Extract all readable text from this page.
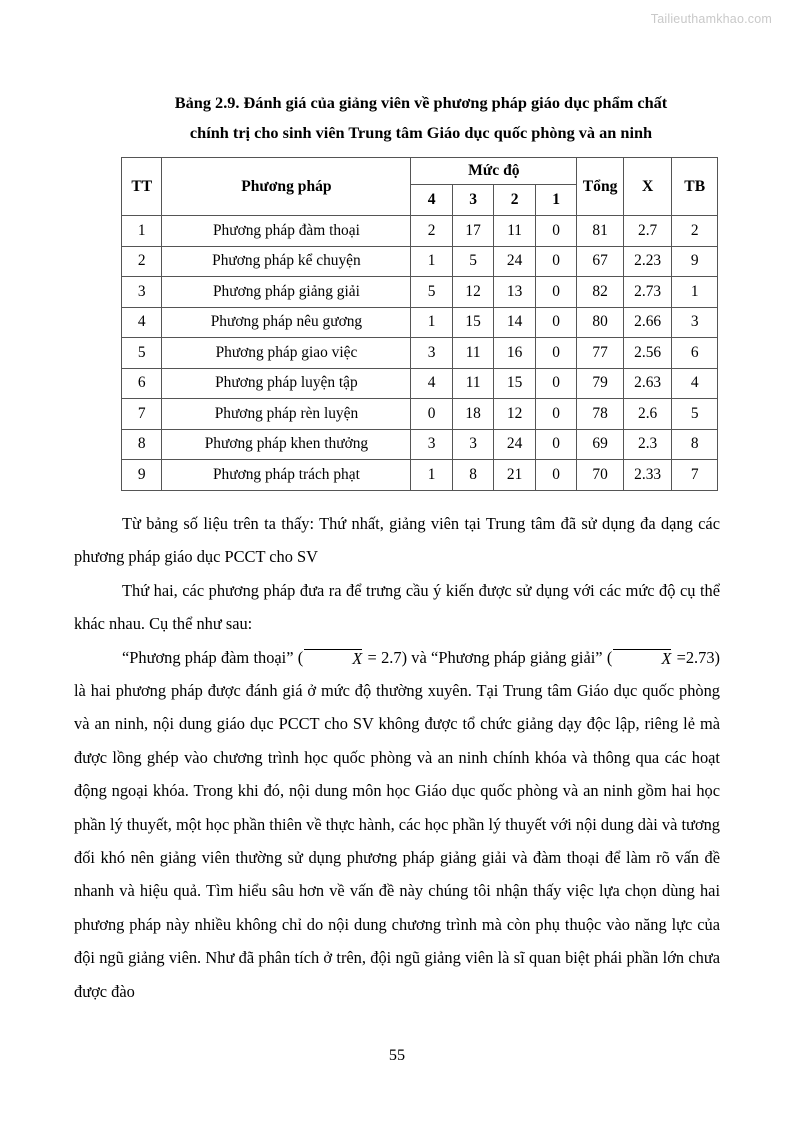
Tailieuthamkhao.com
Bảng 2.9. Đánh giá của giảng viên về phương pháp giáo dục phẩm chất
chính trị cho sinh viên Trung tâm Giáo dục quốc phòng và an ninh
TT	Phương pháp	Mức độ				Tổng	X	TB
		4	3	2	1			
1	Phương pháp đàm thoại	2	17	11	0	81	2.7	2
2	Phương pháp kể chuyện	1	5	24	0	67	2.23	9
3	Phương pháp giảng giải	5	12	13	0	82	2.73	1
4	Phương pháp nêu gương	1	15	14	0	80	2.66	3
5	Phương pháp giao việc	3	11	16	0	77	2.56	6
6	Phương pháp luyện tập	4	11	15	0	79	2.63	4
7	Phương pháp rèn luyện	0	18	12	0	78	2.6	5
8	Phương pháp khen thưởng	3	3	24	0	69	2.3	8
9	Phương pháp trách phạt	1	8	21	0	70	2.33	7

Từ bảng số liệu trên ta thấy: Thứ nhất, giảng viên tại Trung tâm đã sử dụng đa dạng các phương pháp giáo dục PCCT cho SV

Thứ hai, các phương pháp đưa ra để trưng cầu ý kiến được sử dụng với các mức độ cụ thể khác nhau. Cụ thể như sau:

“Phương pháp đàm thoại” (	X = 2.7) và “Phương pháp giảng giải” (	X =2.73) là hai phương pháp được đánh giá ở mức độ thường xuyên. Tại Trung tâm Giáo dục quốc phòng và an ninh, nội dung giáo dục PCCT cho SV không được tổ chức giảng dạy độc lập, riêng lẻ mà được lồng ghép vào chương trình học quốc phòng và an ninh chính khóa và thông qua các hoạt động ngoại khóa. Trong khi đó, nội dung môn học Giáo dục quốc phòng và an ninh gồm hai học phần lý thuyết, một học phần thiên về thực hành, các học phần lý thuyết với nội dung dài và tương đối khó nên giảng viên thường sử dụng phương pháp giảng giải và đàm thoại để làm rõ vấn đề nhanh và hiệu quả. Tìm hiểu sâu hơn về vấn đề này chúng tôi nhận thấy việc lựa chọn dùng hai phương pháp này nhiều không chỉ do nội dung chương trình mà còn phụ thuộc vào năng lực của đội ngũ giảng viên. Như đã phân tích ở trên, đội ngũ giảng viên là sĩ quan biệt phái phần lớn chưa được đào

55
